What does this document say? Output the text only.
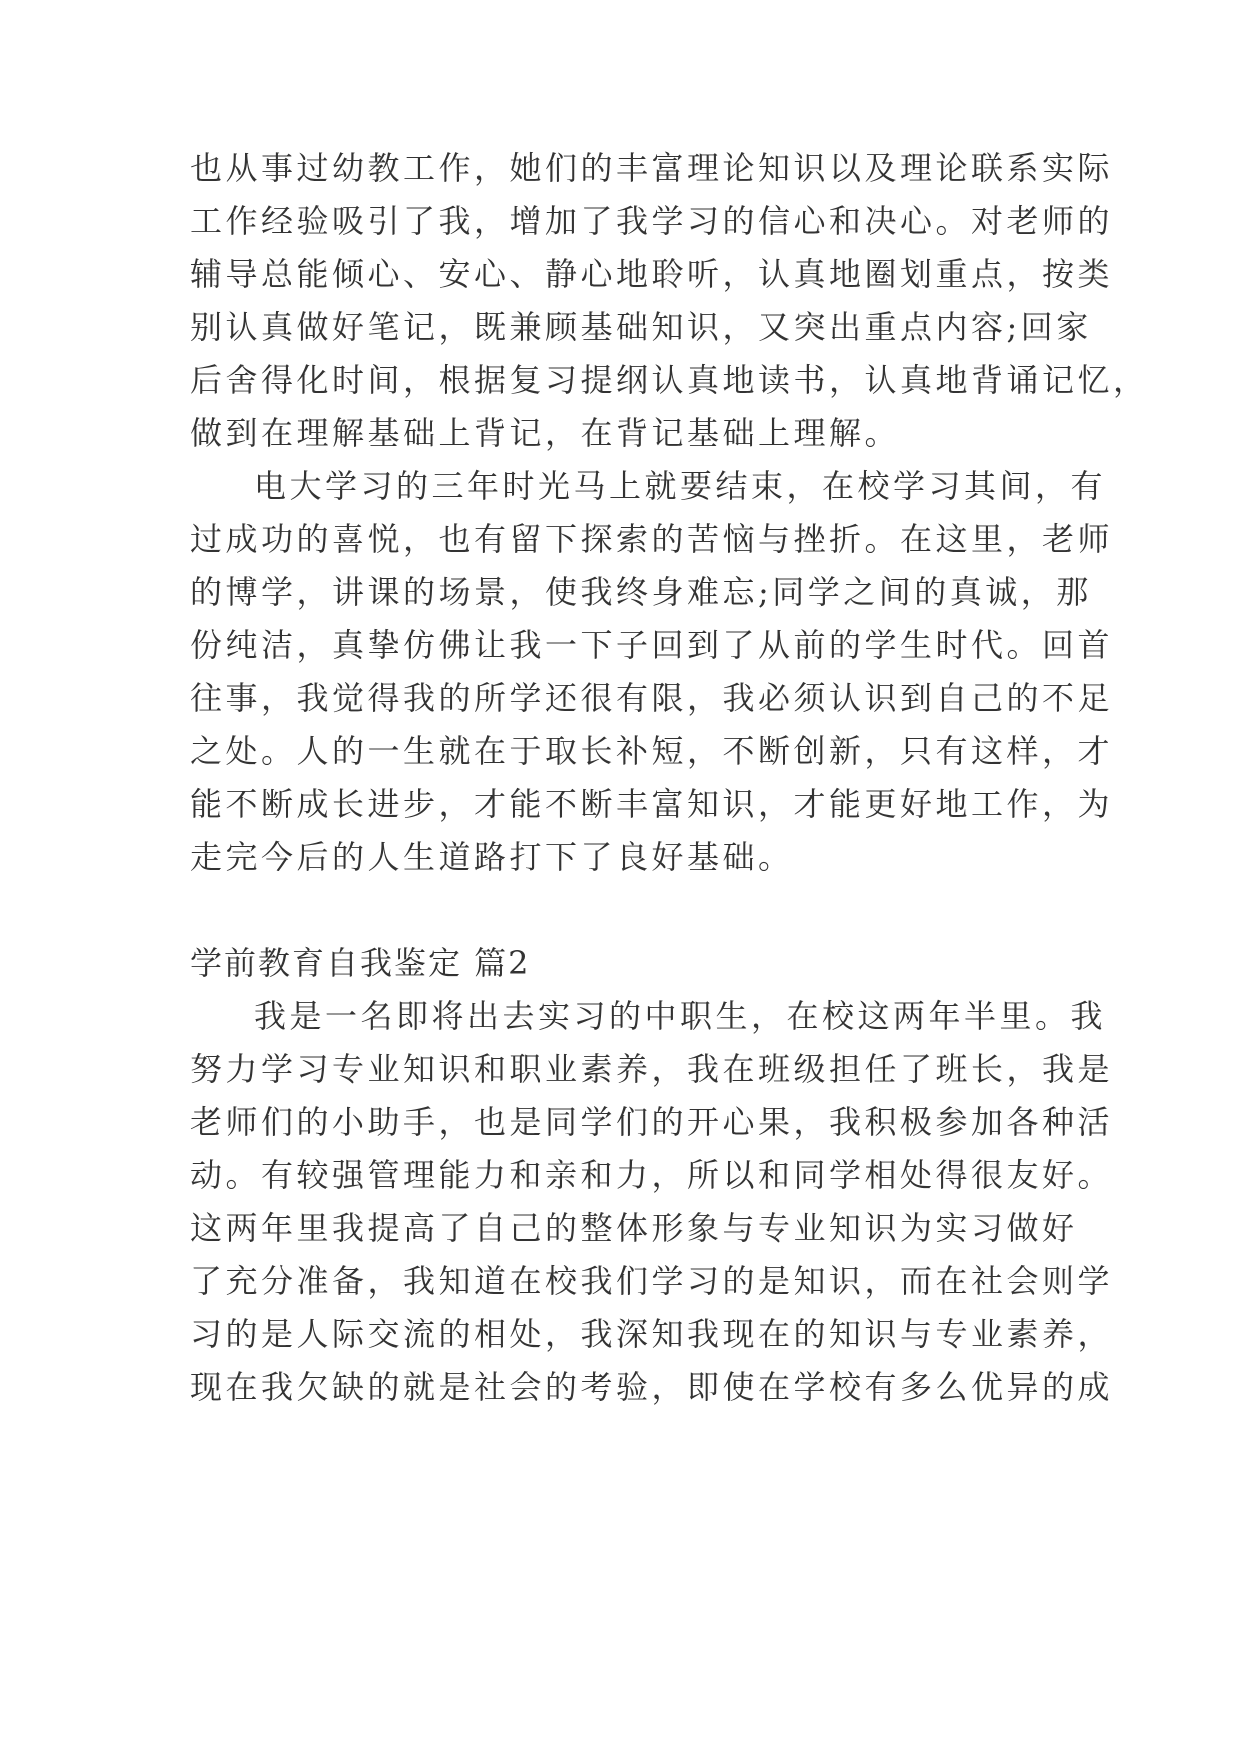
也从事过幼教工作，她们的丰富理论知识以及理论联系实际
工作经验吸引了我，增加了我学习的信心和决心。对老师的
辅导总能倾心、安心、静心地聆听，认真地圈划重点，按类
别认真做好笔记，既兼顾基础知识，又突出重点内容;回家
后舍得化时间，根据复习提纲认真地读书，认真地背诵记忆，
做到在理解基础上背记，在背记基础上理解。
电大学习的三年时光马上就要结束，在校学习其间，有
过成功的喜悦，也有留下探索的苦恼与挫折。在这里，老师
的博学，讲课的场景，使我终身难忘;同学之间的真诚，那
份纯洁，真挚仿佛让我一下子回到了从前的学生时代。回首
往事，我觉得我的所学还很有限，我必须认识到自己的不足
之处。人的一生就在于取长补短，不断创新，只有这样，才
能不断成长进步，才能不断丰富知识，才能更好地工作，为
走完今后的人生道路打下了良好基础。
学前教育自我鉴定 篇2
我是一名即将出去实习的中职生，在校这两年半里。我
努力学习专业知识和职业素养，我在班级担任了班长，我是
老师们的小助手，也是同学们的开心果，我积极参加各种活
动。有较强管理能力和亲和力，所以和同学相处得很友好。
这两年里我提高了自己的整体形象与专业知识为实习做好
了充分准备，我知道在校我们学习的是知识，而在社会则学
习的是人际交流的相处，我深知我现在的知识与专业素养，
现在我欠缺的就是社会的考验，即使在学校有多么优异的成
